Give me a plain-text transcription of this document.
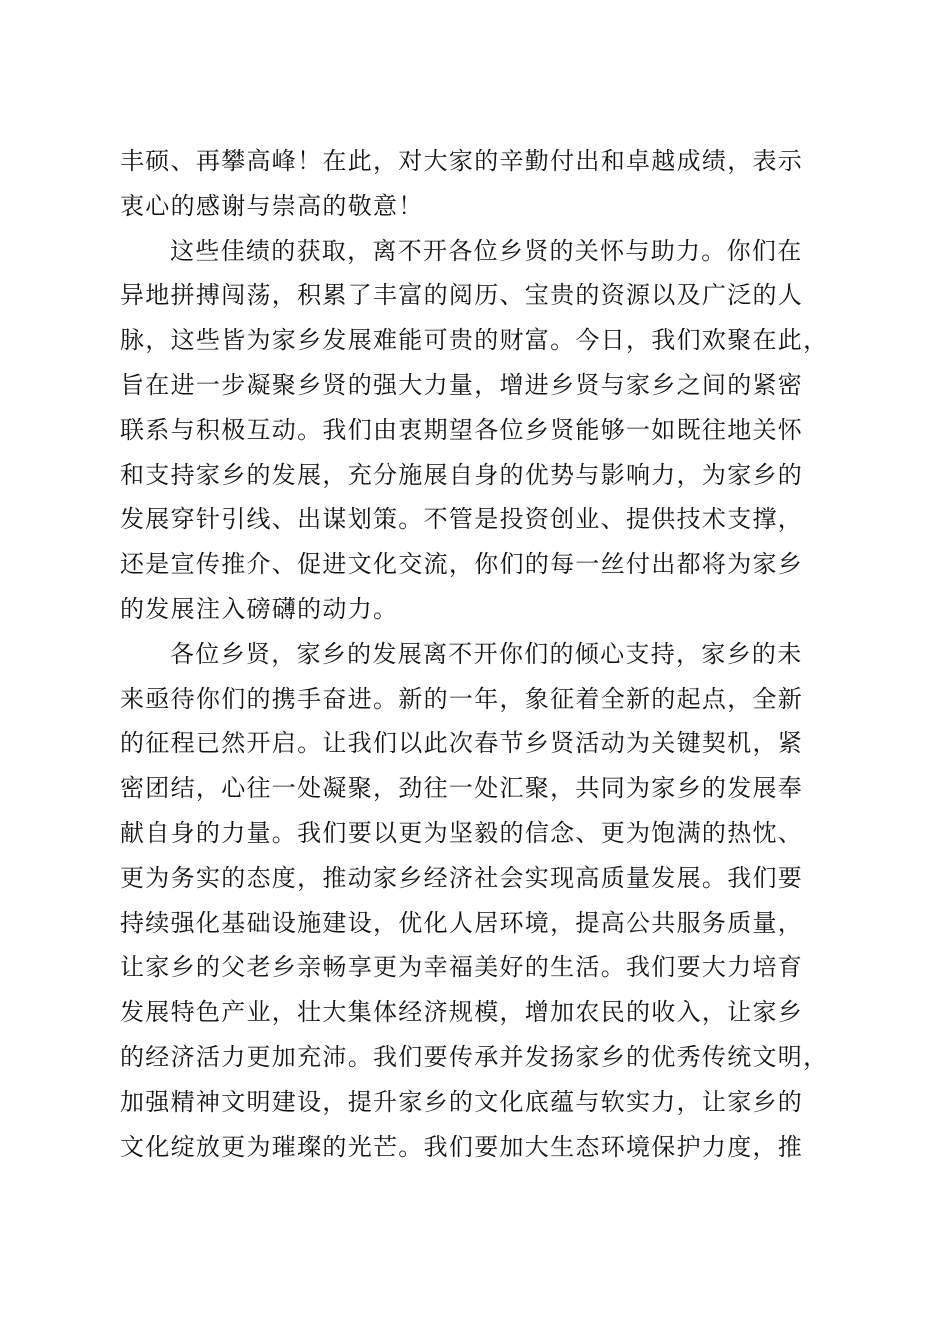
丰硕、再攀高峰！在此，对大家的辛勤付出和卓越成绩，表示
衷心的感谢与崇高的敬意！
这些佳绩的获取，离不开各位乡贤的关怀与助力。你们在
异地拼搏闯荡，积累了丰富的阅历、宝贵的资源以及广泛的人
脉，这些皆为家乡发展难能可贵的财富。今日，我们欢聚在此，
旨在进一步凝聚乡贤的强大力量，增进乡贤与家乡之间的紧密
联系与积极互动。我们由衷期望各位乡贤能够一如既往地关怀
和支持家乡的发展，充分施展自身的优势与影响力，为家乡的
发展穿针引线、出谋划策。不管是投资创业、提供技术支撑，
还是宣传推介、促进文化交流，你们的每一丝付出都将为家乡
的发展注入磅礴的动力。
各位乡贤，家乡的发展离不开你们的倾心支持，家乡的未
来亟待你们的携手奋进。新的一年，象征着全新的起点，全新
的征程已然开启。让我们以此次春节乡贤活动为关键契机，紧
密团结，心往一处凝聚，劲往一处汇聚，共同为家乡的发展奉
献自身的力量。我们要以更为坚毅的信念、更为饱满的热忱、
更为务实的态度，推动家乡经济社会实现高质量发展。我们要
持续强化基础设施建设，优化人居环境，提高公共服务质量，
让家乡的父老乡亲畅享更为幸福美好的生活。我们要大力培育
发展特色产业，壮大集体经济规模，增加农民的收入，让家乡
的经济活力更加充沛。我们要传承并发扬家乡的优秀传统文明，
加强精神文明建设，提升家乡的文化底蕴与软实力，让家乡的
文化绽放更为璀璨的光芒。我们要加大生态环境保护力度，推
